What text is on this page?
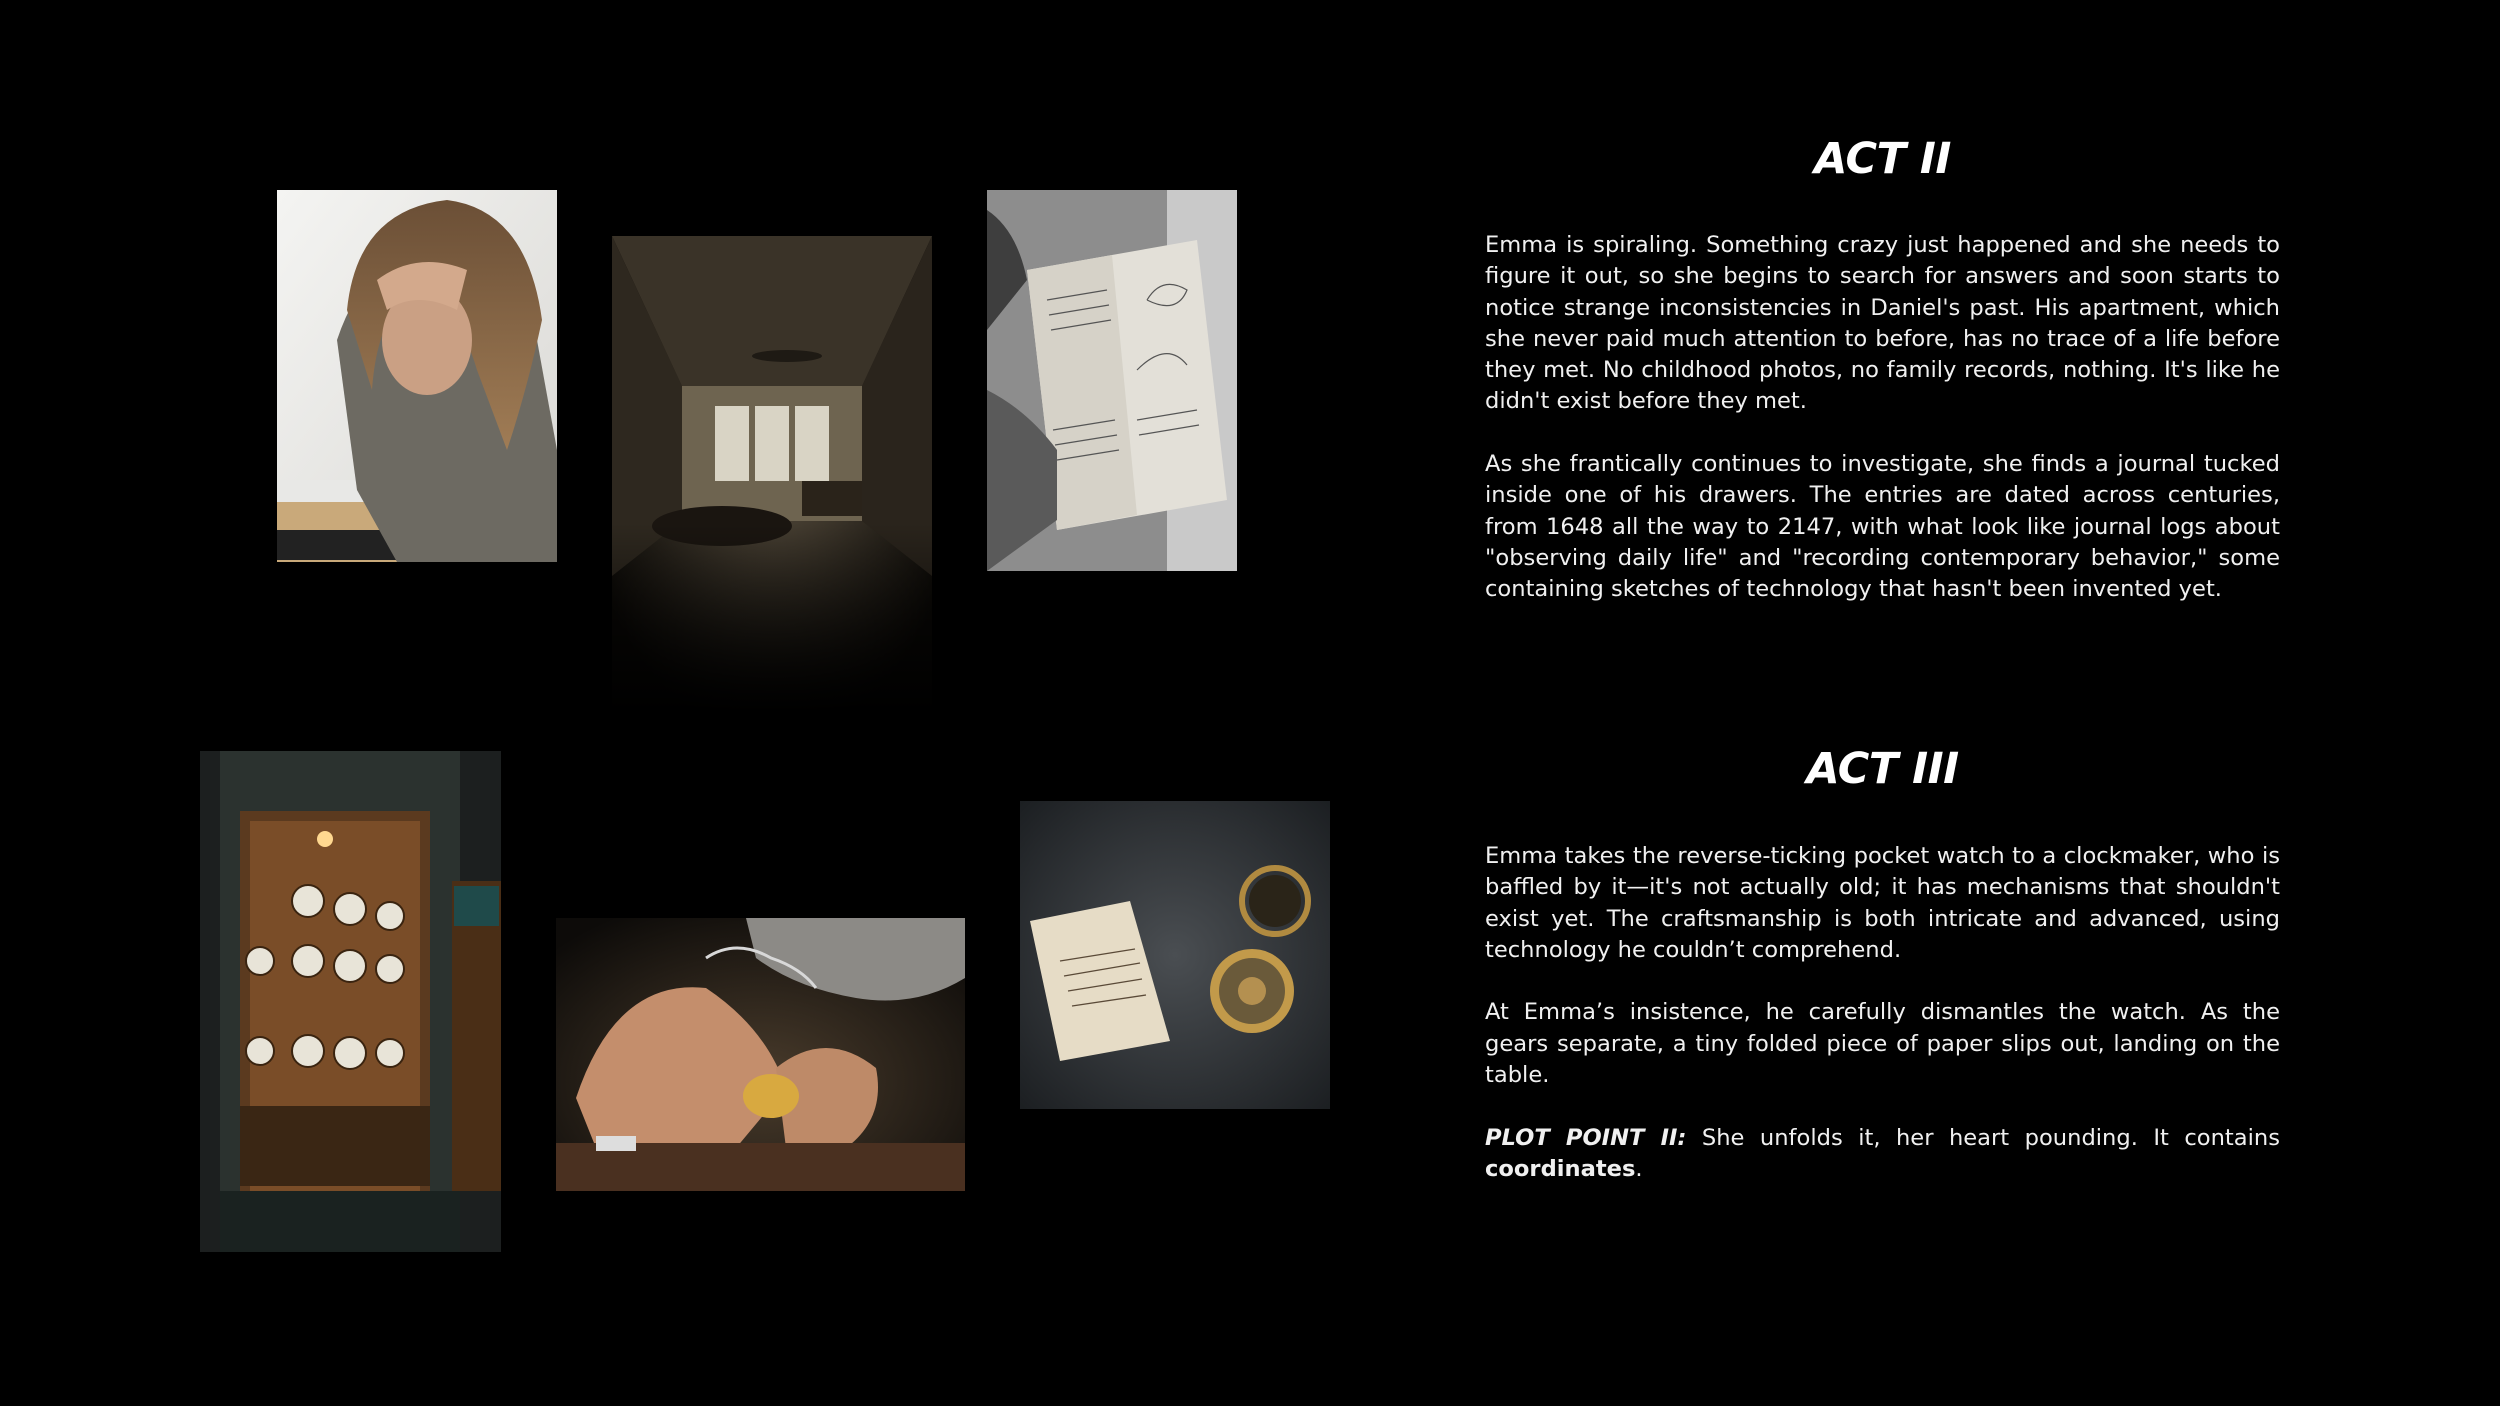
ACT II

Emma is spiraling. Something crazy just happened and she needs to figure it out, so she begins to search for answers and soon starts to notice strange inconsistencies in Daniel's past. His apartment, which she never paid much attention to before, has no trace of a life before they met. No childhood photos, no family records, nothing. It's like he didn't exist before they met.

As she frantically continues to investigate, she finds a journal tucked inside one of his drawers. The entries are dated across centuries, from 1648 all the way to 2147, with what look like journal logs about "observing daily life" and "recording contemporary behavior," some containing sketches of technology that hasn't been invented yet.

ACT III

Emma takes the reverse-ticking pocket watch to a clockmaker, who is baffled by it—it's not actually old; it has mechanisms that shouldn't exist yet. The craftsmanship is both intricate and advanced, using technology he couldn’t comprehend.

At Emma’s insistence, he carefully dismantles the watch. As the gears separate, a tiny folded piece of paper slips out, landing on the table.

PLOT POINT II: She unfolds it, her heart pounding. It contains coordinates.
